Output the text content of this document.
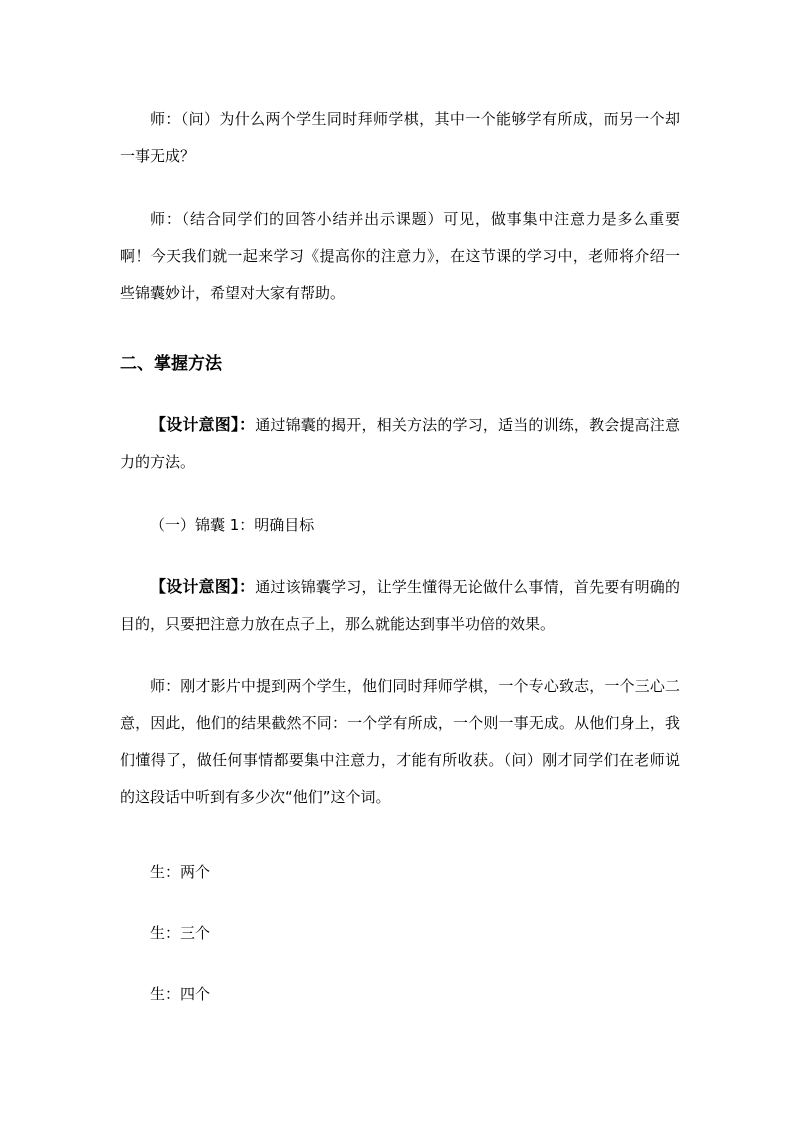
师：（问）为什么两个学生同时拜师学棋，其中一个能够学有所成，而另一个却一事无成？

师：（结合同学们的回答小结并出示课题）可见，做事集中注意力是多么重要啊！今天我们就一起来学习《提高你的注意力》，在这节课的学习中，老师将介绍一些锦囊妙计，希望对大家有帮助。

二、掌握方法

【设计意图】：通过锦囊的揭开，相关方法的学习，适当的训练，教会提高注意力的方法。

（一）锦囊 1：明确目标

【设计意图】：通过该锦囊学习，让学生懂得无论做什么事情，首先要有明确的目的，只要把注意力放在点子上，那么就能达到事半功倍的效果。

师：刚才影片中提到两个学生，他们同时拜师学棋，一个专心致志，一个三心二意，因此，他们的结果截然不同：一个学有所成，一个则一事无成。从他们身上，我们懂得了，做任何事情都要集中注意力，才能有所收获。（问）刚才同学们在老师说的这段话中听到有多少次“他们”这个词。

生：两个

生：三个

生：四个
